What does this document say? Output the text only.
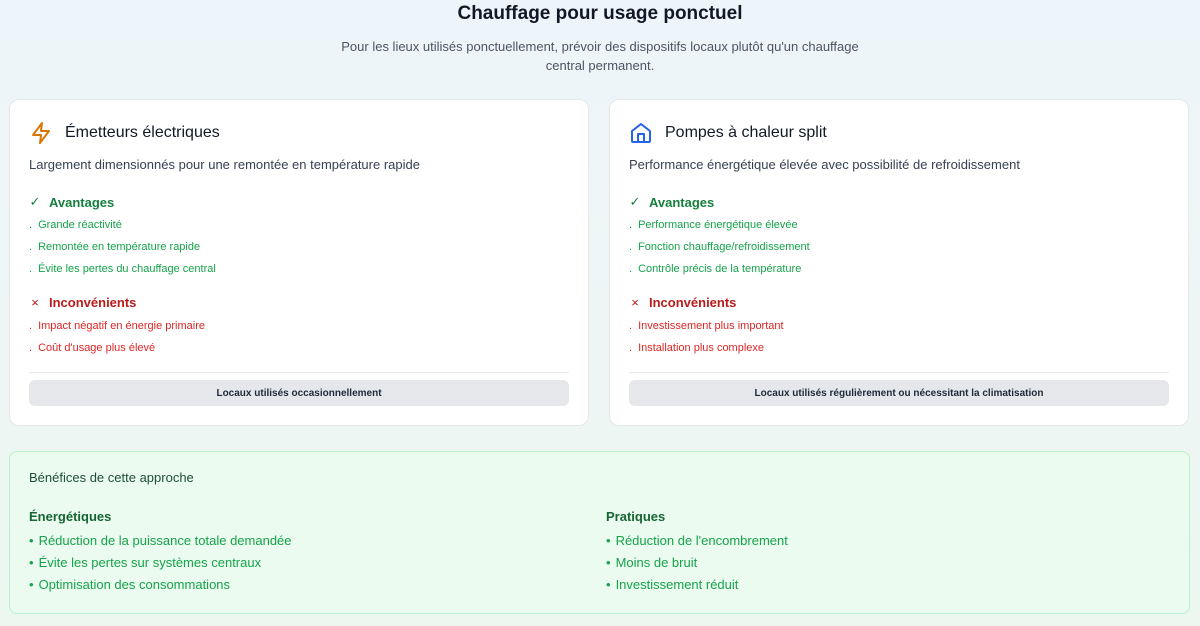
Chauffage pour usage ponctuel

Pour les lieux utilisés ponctuellement, prévoir des dispositifs locaux plutôt qu'un chauffage central permanent.

Émetteurs électriques

Largement dimensionnés pour une remontée en température rapide

✓ Avantages
. Grande réactivité
. Remontée en température rapide
. Évite les pertes du chauffage central
× Inconvénients
. Impact négatif en énergie primaire
. Coût d'usage plus élevé
Locaux utilisés occasionnellement
Pompes à chaleur split

Performance énergétique élevée avec possibilité de refroidissement

✓ Avantages
. Performance énergétique élevée
. Fonction chauffage/refroidissement
. Contrôle précis de la température
× Inconvénients
. Investissement plus important
. Installation plus complexe
Locaux utilisés régulièrement ou nécessitant la climatisation
Bénéfices de cette approche
Énergétiques
• Réduction de la puissance totale demandée
• Évite les pertes sur systèmes centraux
• Optimisation des consommations
Pratiques
• Réduction de l'encombrement
• Moins de bruit
• Investissement réduit
